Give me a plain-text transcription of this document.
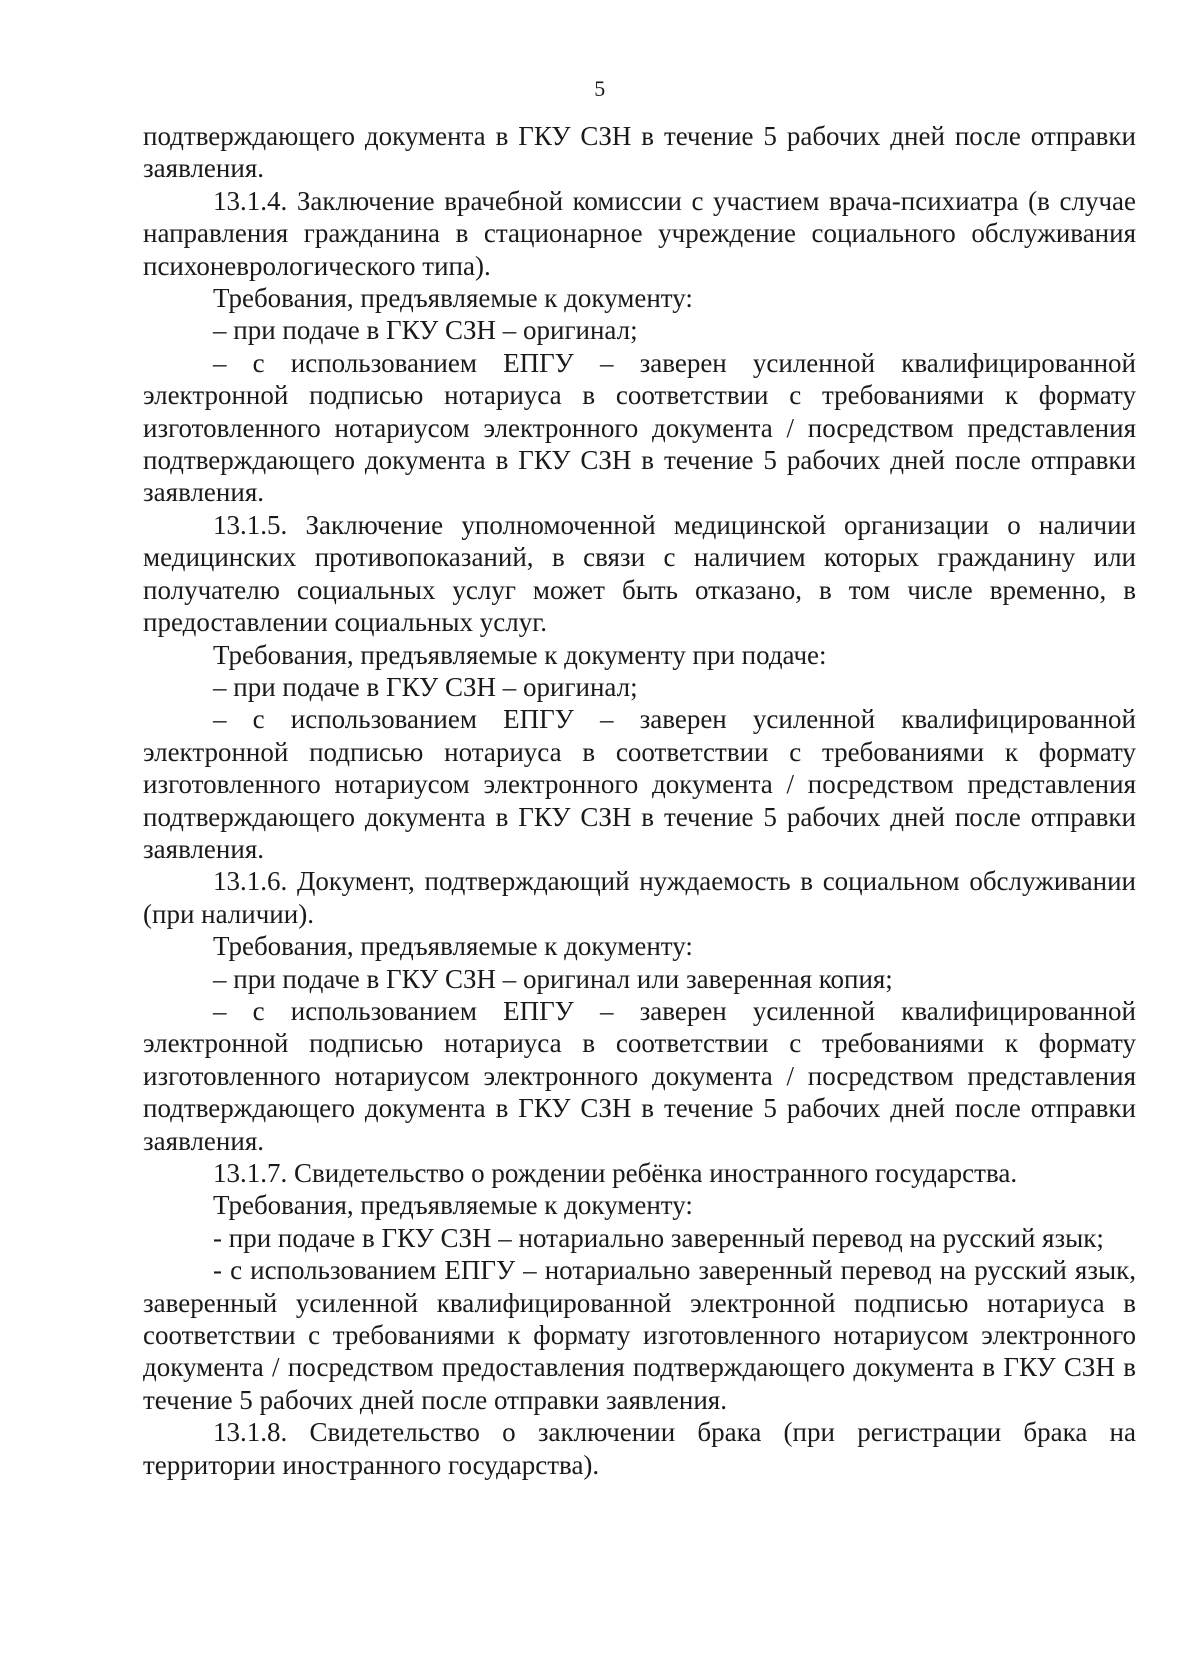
5

подтверждающего документа в ГКУ СЗН в течение 5 рабочих дней после отправки заявления.

13.1.4. Заключение врачебной комиссии с участием врача-психиатра (в случае направления гражданина в стационарное учреждение социального обслуживания психоневрологического типа).

Требования, предъявляемые к документу:

– при подаче в ГКУ СЗН – оригинал;

– с использованием ЕПГУ – заверен усиленной квалифицированной электронной подписью нотариуса в соответствии с требованиями к формату изготовленного нотариусом электронного документа / посредством представления подтверждающего документа в ГКУ СЗН в течение 5 рабочих дней после отправки заявления.

13.1.5. Заключение уполномоченной медицинской организации о наличии медицинских противопоказаний, в связи с наличием которых гражданину или получателю социальных услуг может быть отказано, в том числе временно, в предоставлении социальных услуг.

Требования, предъявляемые к документу при подаче:

– при подаче в ГКУ СЗН – оригинал;

– с использованием ЕПГУ – заверен усиленной квалифицированной электронной подписью нотариуса в соответствии с требованиями к формату изготовленного нотариусом электронного документа / посредством представления подтверждающего документа в ГКУ СЗН в течение 5 рабочих дней после отправки заявления.

13.1.6. Документ, подтверждающий нуждаемость в социальном обслуживании (при наличии).

Требования, предъявляемые к документу:

– при подаче в ГКУ СЗН – оригинал или заверенная копия;

– с использованием ЕПГУ – заверен усиленной квалифицированной электронной подписью нотариуса в соответствии с требованиями к формату изготовленного нотариусом электронного документа / посредством представления подтверждающего документа в ГКУ СЗН в течение 5 рабочих дней после отправки заявления.

13.1.7. Свидетельство о рождении ребёнка иностранного государства.

Требования, предъявляемые к документу:

- при подаче в ГКУ СЗН – нотариально заверенный перевод на русский язык;

- с использованием ЕПГУ – нотариально заверенный перевод на русский язык, заверенный усиленной квалифицированной электронной подписью нотариуса в соответствии с требованиями к формату изготовленного нотариусом электронного документа / посредством предоставления подтверждающего документа в ГКУ СЗН в течение 5 рабочих дней после отправки заявления.

13.1.8. Свидетельство о заключении брака (при регистрации брака на территории иностранного государства).
